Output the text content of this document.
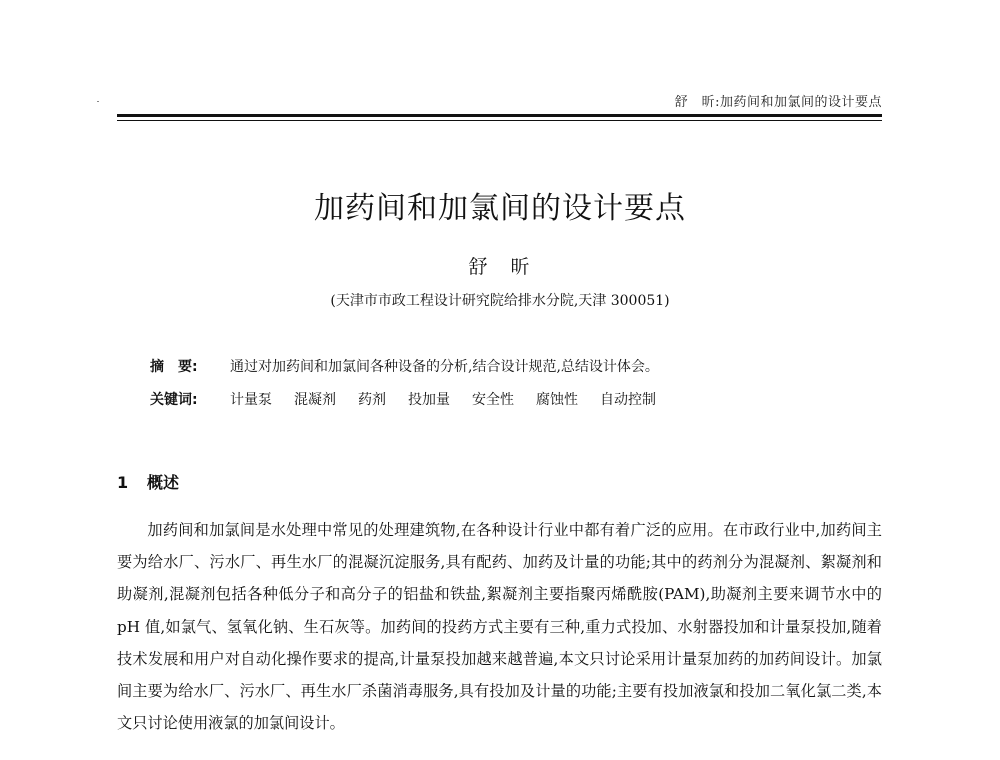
舒　昕:加药间和加氯间的设计要点
加药间和加氯间的设计要点
舒　昕
(天津市市政工程设计研究院给排水分院,天津 300051)
摘　要: 通过对加药间和加氯间各种设备的分析,结合设计规范,总结设计体会。
关键词: 计量泵 混凝剂 药剂 投加量 安全性 腐蚀性 自动控制
1 概述
加药间和加氯间是水处理中常见的处理建筑物,在各种设计行业中都有着广泛的应用。在市政行业中,加药间主要为给水厂、污水厂、再生水厂的混凝沉淀服务,具有配药、加药及计量的功能;其中的药剂分为混凝剂、絮凝剂和助凝剂,混凝剂包括各种低分子和高分子的铝盐和铁盐,絮凝剂主要指聚丙烯酰胺(PAM),助凝剂主要来调节水中的 pH 值,如氯气、氢氧化钠、生石灰等。加药间的投药方式主要有三种,重力式投加、水射器投加和计量泵投加,随着技术发展和用户对自动化操作要求的提高,计量泵投加越来越普遍,本文只讨论采用计量泵加药的加药间设计。加氯间主要为给水厂、污水厂、再生水厂杀菌消毒服务,具有投加及计量的功能;主要有投加液氯和投加二氧化氯二类,本文只讨论使用液氯的加氯间设计。
